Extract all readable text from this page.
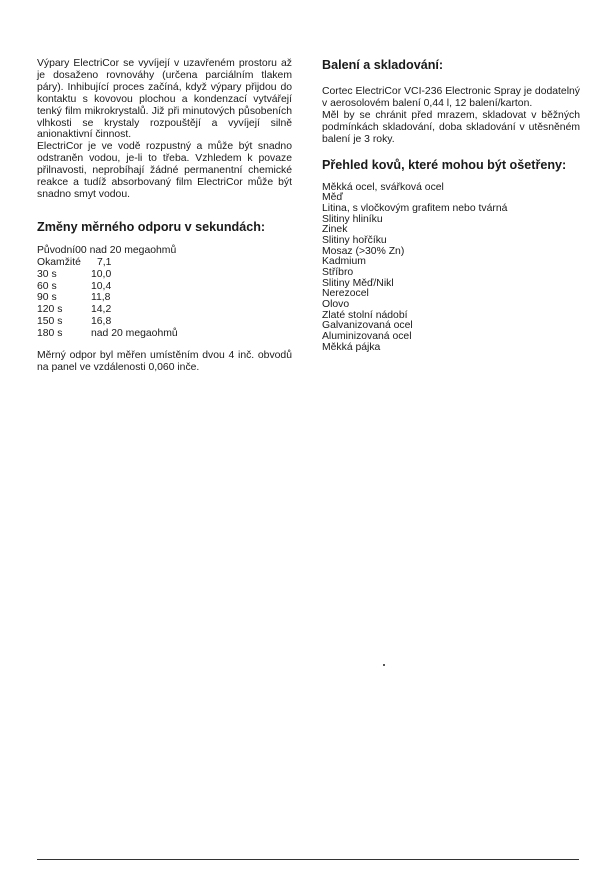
Výpary ElectriCor se vyvíjejí v uzavřeném prostoru až je dosaženo rovnováhy (určena parciálním tlakem páry). Inhibující proces začíná, když výpary přijdou do kontaktu s kovovou plochou a kondenzací vytvářejí tenký film mikrokrystalů. Již při minutových působeních vlhkosti se krystaly rozpouštějí a vyvíjejí silně anionaktivní činnost.

ElectriCor je ve vodě rozpustný a může být snadno odstraněn vodou, je-li to třeba. Vzhledem k povaze přilnavosti, neprobíhají žádné permanentní chemické reakce a tudíž absorbovaný film ElectriCor může být snadno smyt vodou.

Změny měrného odporu v sekundách:
Původní 00 nad 20 megaohmů
Okamžité	7,1
30 s	10,0
60 s	10,4
90 s	11,8
120 s	14,2
150 s	16,8
180 s	nad 20 megaohmů

Měrný odpor byl měřen umístěním dvou 4 inč. obvodů na panel ve vzdálenosti 0,060 inče.

Balení a skladování:

Cortec ElectriCor VCI-236 Electronic Spray je dodatelný v aerosolovém balení 0,44 l, 12 balení/karton.

Měl by se chránit před mrazem, skladovat v běžných podmínkách skladování, doba skladování v utěsněném balení je 3 roky.

Přehled kovů, které mohou být ošetřeny:
Měkká ocel, svářková ocel
Měď
Litina, s vločkovým grafitem nebo tvárná
Slitiny hliníku
Zinek
Slitiny hořčíku
Mosaz (>30% Zn)
Kadmium
Stříbro
Slitiny Měď/Nikl
Nerezocel
Olovo
Zlaté stolní nádobí
Galvanizovaná ocel
Aluminizovaná ocel
Měkká pájka
